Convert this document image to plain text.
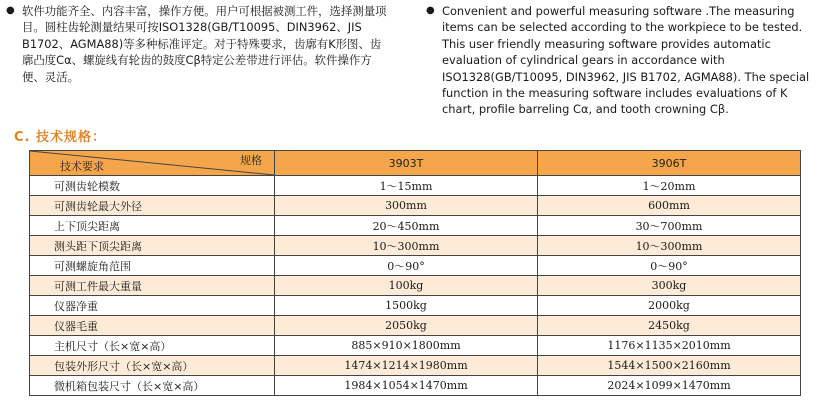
● 软件功能齐全、内容丰富，操作方便。用户可根据被测工件，选择测量项目。圆柱齿轮测量结果可按ISO1328(GB/T10095、DIN3962、JIS B1702、AGMA88)等多种标准评定。对于特殊要求，齿廓有K形图、齿廓凸度Cα、螺旋线有轮齿的鼓度Cβ特定公差带进行评估。软件操作方便、灵活。
● Convenient and powerful measuring software .The measuring items can be selected according to the workpiece to be tested. This user friendly measuring software provides automatic evaluation of cylindrical gears in accordance with ISO1328(GB/T10095, DIN3962, JIS B1702, AGMA88). The special function in the measuring software includes evaluations of K chart, profile barreling Cα, and tooth crowning Cβ.
C. 技术规格：
规格
技术要求	3903T	3906T
可测齿轮模数	1～15mm	1～20mm
可测齿轮最大外径	300mm	600mm
上下顶尖距离	20～450mm	30～700mm
测头距下顶尖距离	10～300mm	10～300mm
可测螺旋角范围	0～90°	0～90°
可测工件最大重量	100kg	300kg
仪器净重	1500kg	2000kg
仪器毛重	2050kg	2450kg
主机尺寸（长×宽×高）	885×910×1800mm	1176×1135×2010mm
包装外形尺寸（长×宽×高）	1474×1214×1980mm	1544×1500×2160mm
微机箱包装尺寸（长×宽×高）	1984×1054×1470mm	2024×1099×1470mm
